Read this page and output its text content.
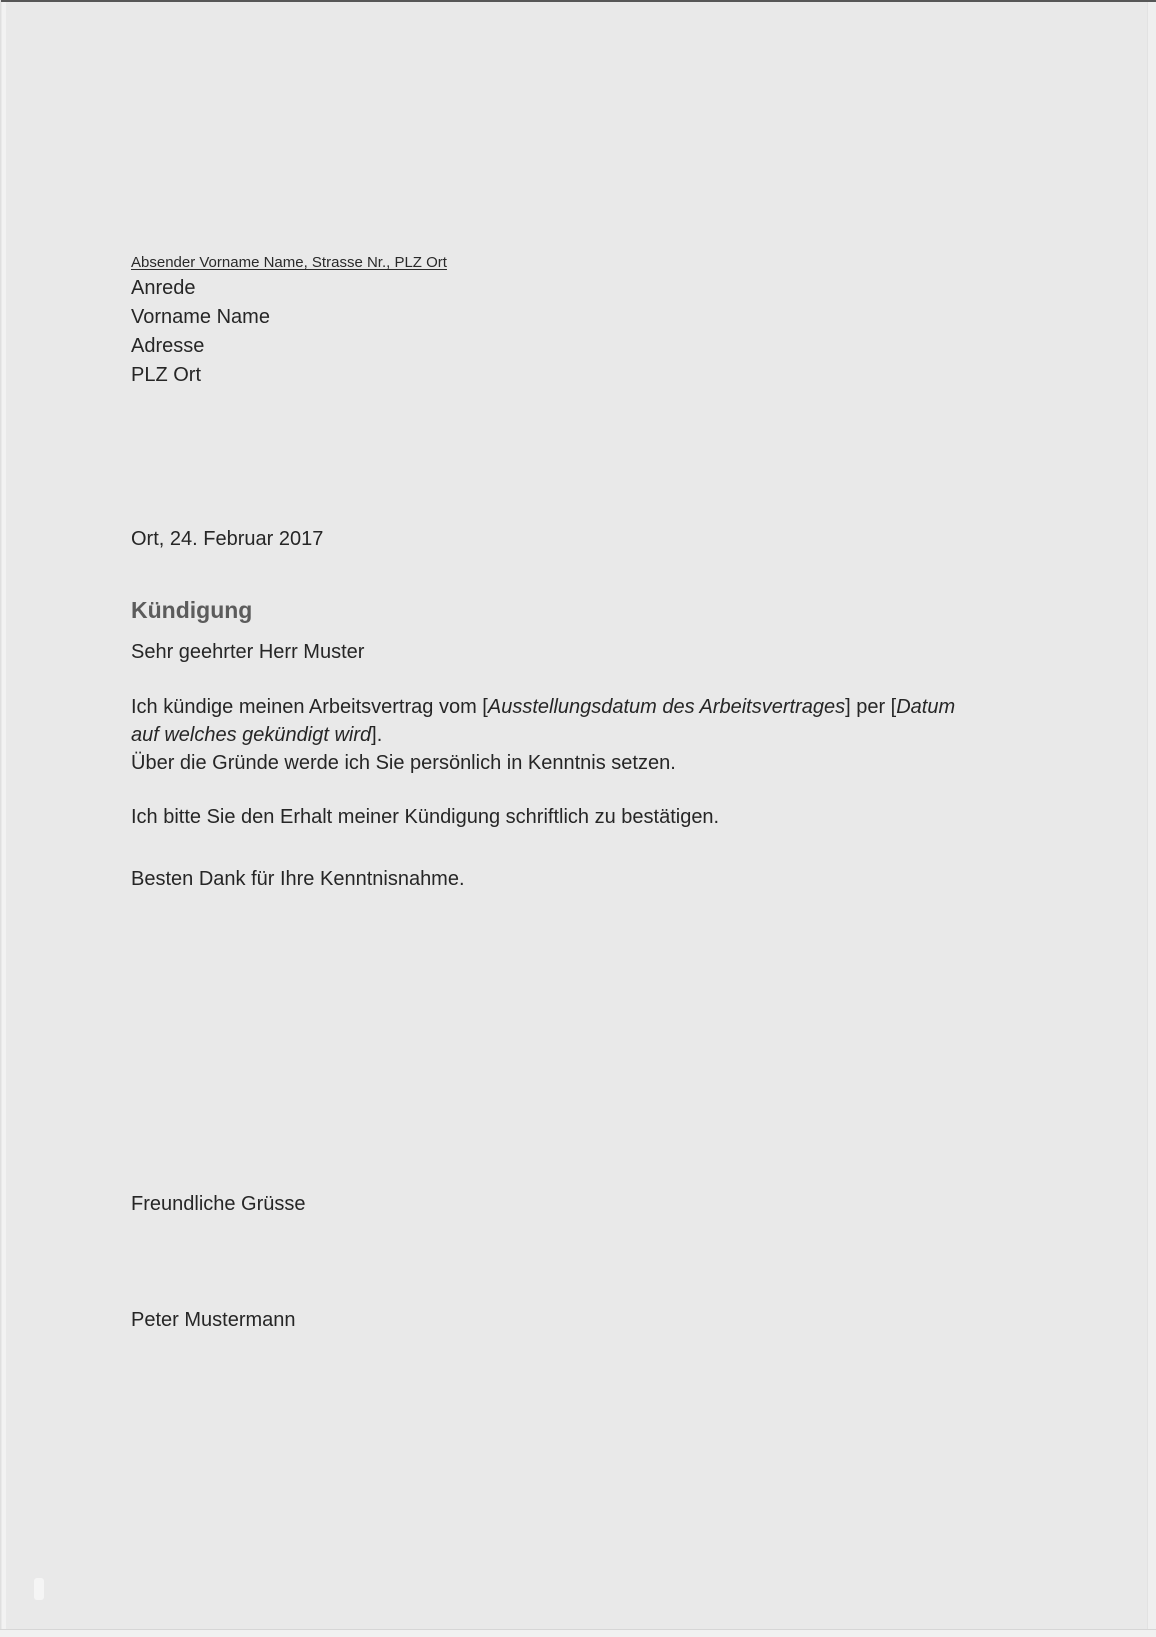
Absender Vorname Name, Strasse Nr., PLZ Ort
Anrede
Vorname Name
Adresse
PLZ Ort
Ort, 24. Februar 2017
Kündigung
Sehr geehrter Herr Muster
Ich kündige meinen Arbeitsvertrag vom [Ausstellungsdatum des Arbeitsvertrages] per [Datum
auf welches gekündigt wird].
Über die Gründe werde ich Sie persönlich in Kenntnis setzen.
Ich bitte Sie den Erhalt meiner Kündigung schriftlich zu bestätigen.
Besten Dank für Ihre Kenntnisnahme.
Freundliche Grüsse
Peter Mustermann
